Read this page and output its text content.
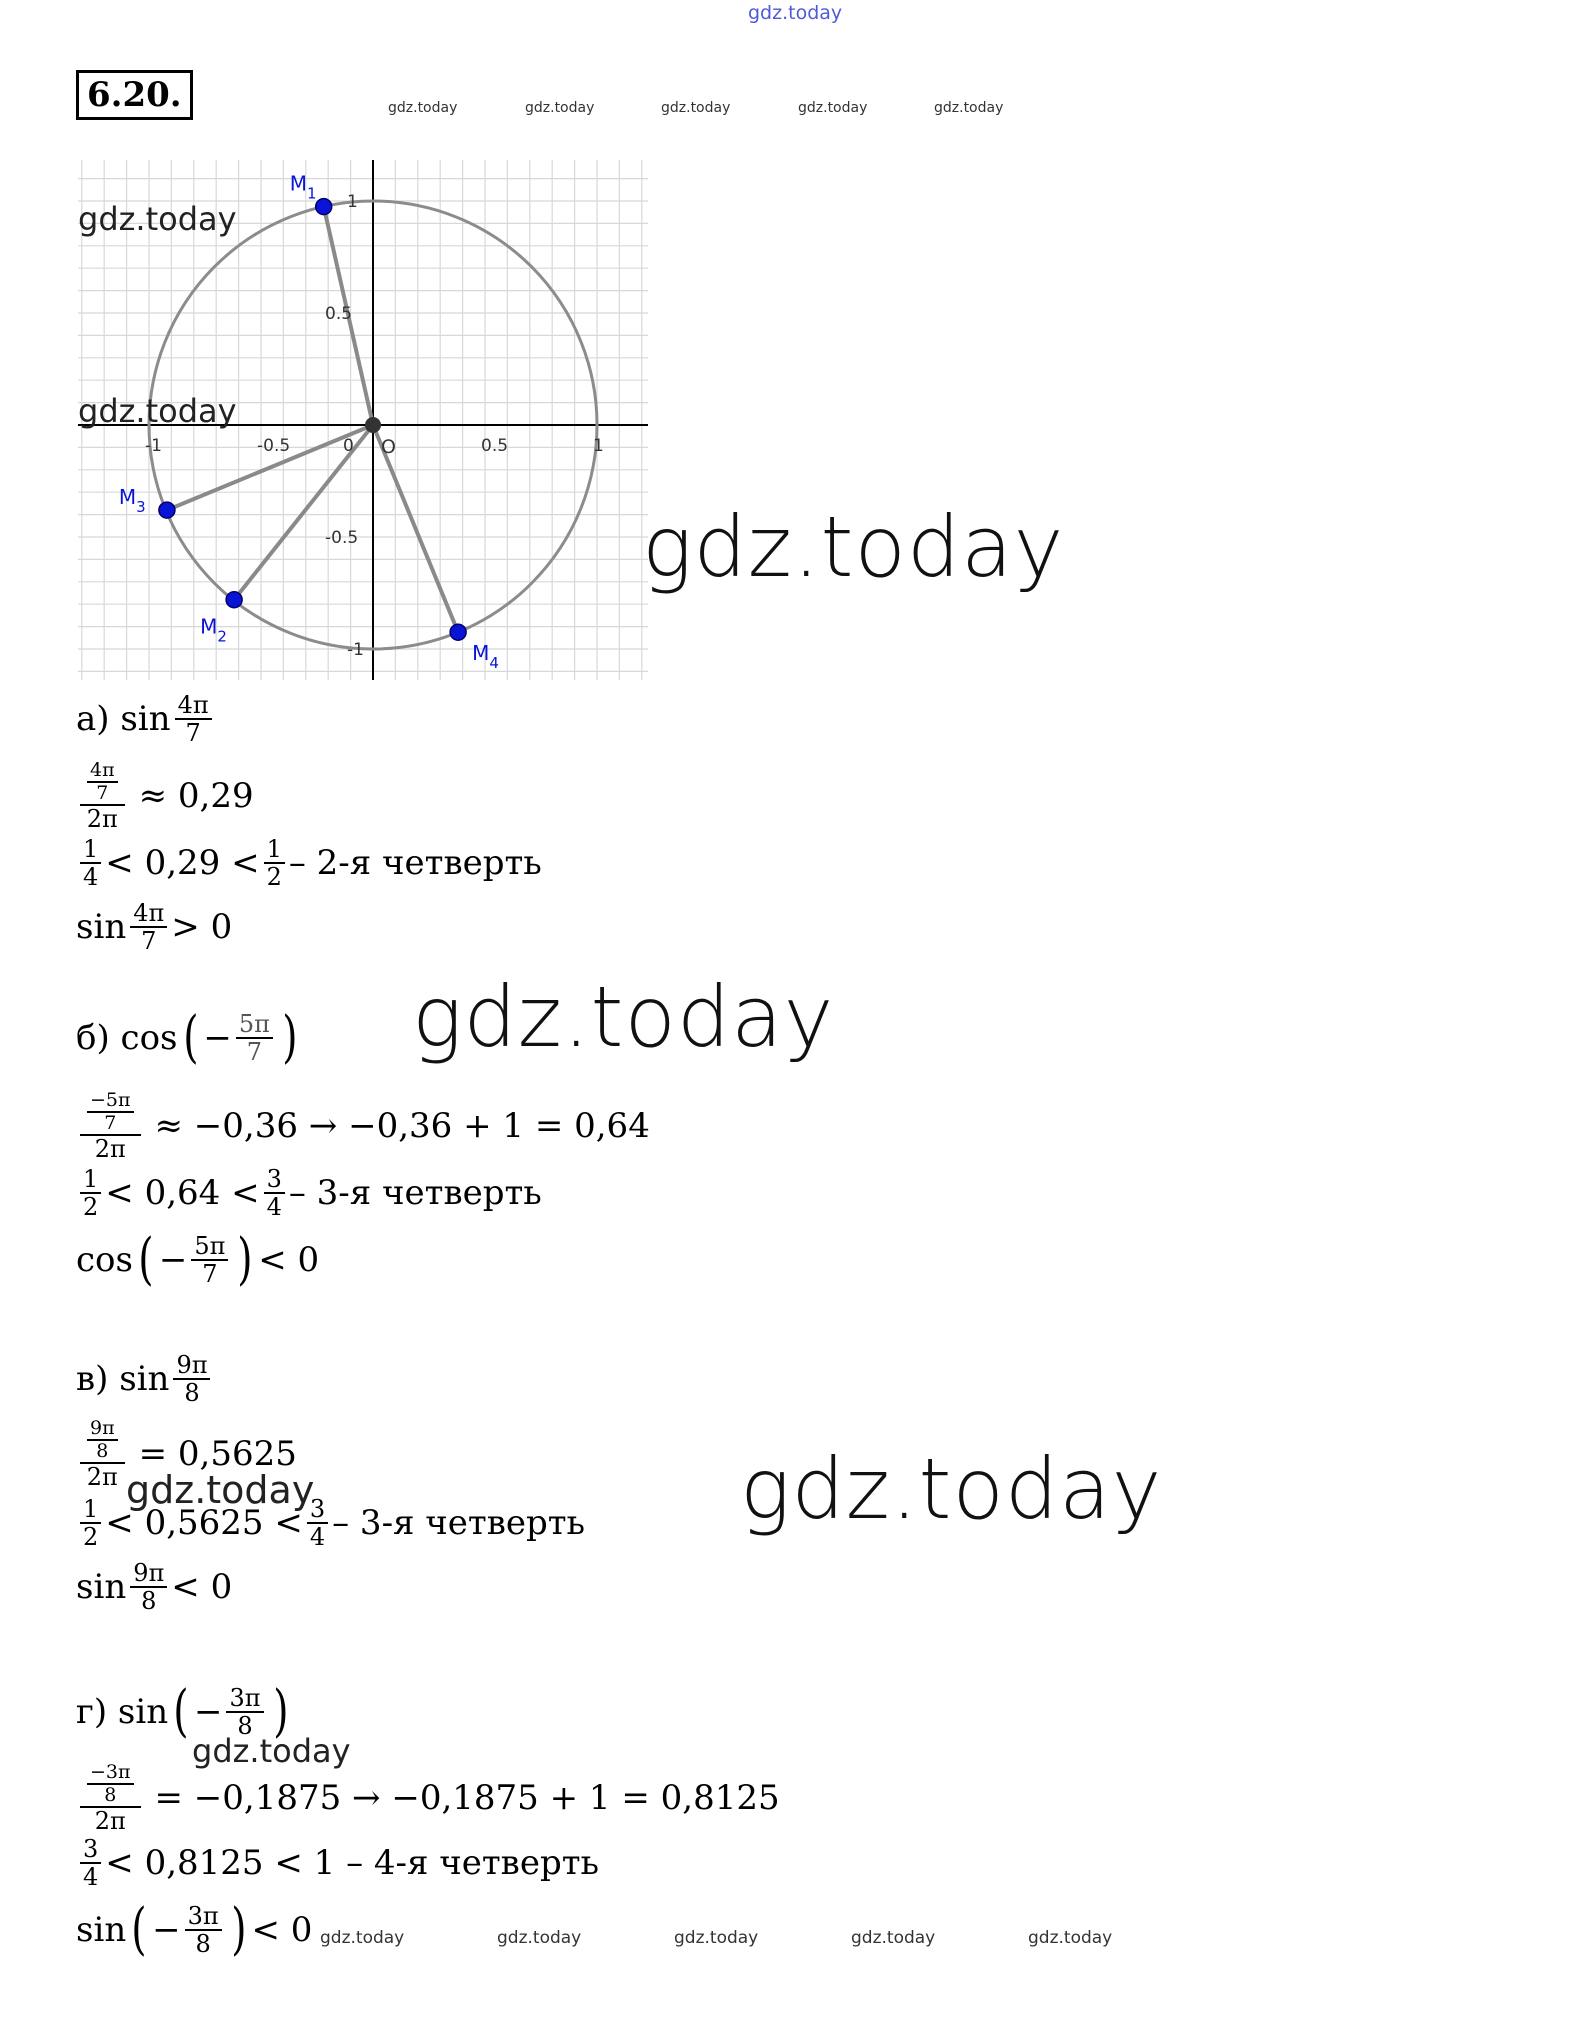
gdz.today
gdz.today	gdz.today	gdz.today	gdz.today	gdz.today
6.20.
-1	-0.5	0	0.5	1
1
0.5
-0.5
-1
$M_1$
$M_2$
$M_3$
$M_4$
O
gdz.today
gdz.today
gdz.today
а) $\sin \frac{4\pi}{7}$
$\frac{\frac{4\pi}{7}}{2\pi} \approx 0,29$
$\frac{1}{4} < 0,29 < \frac{1}{2} - 2-я$ четверть
$\sin \frac{4\pi}{7} > 0$
б) cos ( − $\frac{5\pi}{7}$ ) gdz.today
$\frac{\frac{-5\pi}{7}}{2\pi} \approx -0,36 \to -0,36 + 1 = 0,64$
$\frac{1}{2} < 0,64 < \frac{3}{4} - 3-я$ четверть
cos ( − $\frac{5\pi}{7}$ ) < 0
в) $\sin \frac{9\pi}{8}$
$\frac{\frac{9\pi}{8}}{2\pi} = 0,5625$
gdz.today	gdz.today
$\frac{1}{2} < 0,5625 < \frac{3}{4} - 3-я$ четверть
$\sin \frac{9\pi}{8} < 0$
г) sin ( − $\frac{3\pi}{8}$ )
gdz.today
$\frac{\frac{-3\pi}{8}}{2\pi} = -0,1875 \to -0,1875 + 1 = 0,8125$
$\frac{3}{4} < 0,8125 < 1 - 4-я$ четверть
sin ( − $\frac{3\pi}{8}$ ) < 0 gdz.today	gdz.today	gdz.today	gdz.today	gdz.today
